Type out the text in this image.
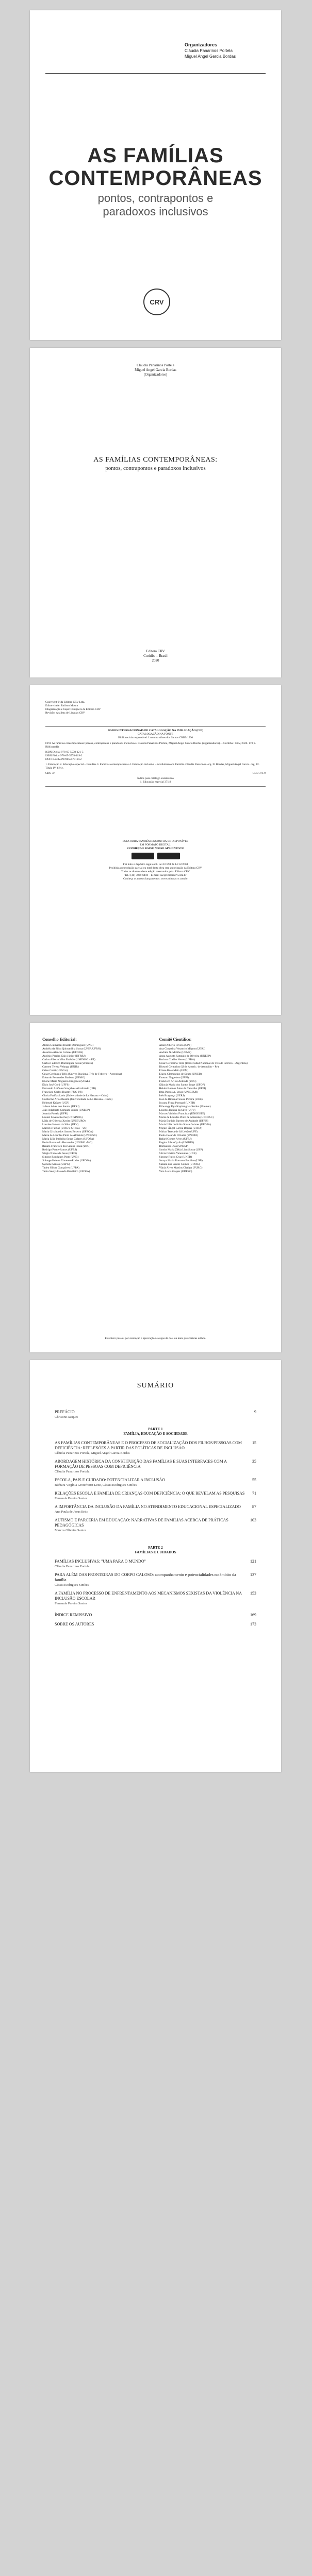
Organizadores
Cláudia Panarinos Portela
Miguel Angel Garcia Bordas
AS FAMÍLIAS
CONTEMPORÂNEAS
pontos, contrapontos e
paradoxos inclusivos
CRV
Cláudia Panarinos Portela
Miguel Angel Garcia Bordas
(Organizadores)
AS FAMÍLIAS CONTEMPORÂNEAS:
pontos, contrapontos e paradoxos inclusivos
Editora CRV
Curitiba – Brasil
2020
Copyright © da Editora CRV Ltda.
Editor-chefe: Railson Moura
Diagramação e Capa: Designers da Editora CRV
Revisão: Analista de Línguas CRV
DADOS INTERNACIONAIS DE CATALOGAÇÃO NA PUBLICAÇÃO (CIP)
CATALOGAÇÃO NA FONTE
Bibliotecária responsável: Luzenira Alves dos Santos CRB9/1506
F191 As famílias contemporâneas: pontos, contrapontos e paradoxos inclusivos / Cláudia Panarinos Portela, Miguel Angel Garcia Bordas (organizadores). – Curitiba : CRV, 2020. 178 p.
Bibliografia
ISBN Digital 978-65-5578-121-5
ISBN Físico 978-65-5578-119-2
DOI 10.24824/978655578119.2
1. Educação 2. Educação especial – Famílias 3. Famílias contemporâneas 4. Educação inclusiva – Acolhimento 5. Família. Cláudia Panarinos. org. II. Bordas, Miguel Angel Garcia. org. III. Título IV. Série.
CDU 37	CDD 371.9
Índice para catálogo sistemático
1. Educação especial 371.9
ESTA OBRA TAMBÉM ENCONTRA-SE DISPONÍVEL
EM FORMATO DIGITAL.
CONHEÇA E BAIXE NOSSO APLICATIVO!
Foi feito o depósito legal conf. Lei 10.994 de 14/12/2004
Proibida a reprodução parcial ou total desta obra sem autorização da Editora CRV
Todos os direitos desta edição reservados pela: Editora CRV
Tel.: (41) 3039-6418 – E-mail: sac@editoracrv.com.br
Conheça os nossos lançamentos: www.editoracrv.com.br
Conselho Editorial:
Aldira Guimarães Duarte Domínguez (UNB)
Andréia da Silva Quintanilha Sousa (UNIR/UFRN)
Anselmo Alencar Colares (UFOPA)
Antônio Pereira Gaio Júnior (UFRRJ)
Carlos Alberto Vilar Estêvão (UMINHO – PT)
Carlos Federico Dominguez Avila (Unieuro)
Carmen Tereza Velanga (UNIR)
Celso Conti (UFSCar)
Cesar Gerónimo Tello (Univer. Nacional Três de Febrero – Argentina)
Eduardo Fernandes Barbosa (UFMG)
Elione Maria Nogueira Diogenes (UFAL)
Élsio José Corá (UFFS)
Fernando Antônio Gonçalves Alcoforado (IPB)
Francisco Carlos Duarte (PUC-PR)
Gloria Fariñas León (Universidade de La Havana – Cuba)
Guillermo Arias Beatón (Universidade de La Havana – Cuba)
Helmuth Krüger (UCP)
Jailson Alves dos Santos (UFRJ)
João Adalberto Campato Junior (UNESP)
Josania Portela (UFPI)
Leonel Severo Rocha (UNISINOS)
Lídia de Oliveira Xavier (UNIEURO)
Lourdes Helena da Silva (UFV)
Marcelo Paixão (UFRJ e UTexas – US)
Maria Cristina dos Santos Bezerra (UFSCar)
Maria de Lourdes Pinto de Almeida (UNOESC)
Maria Lília Imbiriba Sousa Colares (UFOPA)
Paulo Romualdo Hernandes (UNIFAL-MG)
Renato Francisco dos Santos Paula (UFG)
Rodrigo Pratte-Santos (UFES)
Sérgio Nunes de Jesus (IFRO)
Simone Rodrigues Pinto (UNB)
Solange Helena Ximenes-Rocha (UFOPA)
Sydione Santos (UEPG)
Tadeu Oliver Gonçalves (UFPA)
Tania Suely Azevedo Brasileiro (UFOPA)
Comitê Científico:
Altair Alberto Fávero (UPF)
Ana Chrystina Venancio Mignot (UERJ)
Andréia N. Militão (UEMS)
Anna Augusta Sampaio de Oliveira (UNESP)
Barbara Coelho Neves (UFBA)
Cesar Gerónimo Tello (Universidad Nacional de Três de Febrero – Argentina)
Diosnel Centurion (Univ Americ. de Asunción – Py)
Eliane Rose Maio (UEM)
Elizeu Clementino de Souza (UNEB)
Fauston Negreiros (UFPI)
Francisco Ari de Andrade (UFC)
Gláucia Maria dos Santos Jorge (UFOP)
Helder Buenos Aires de Carvalho (UFPI)
Ilma Passos A. Veiga (UNICEUB)
Inês Bragança (UERJ)
José de Ribamar Sousa Pereira (UCB)
Jussara Fraga Portugal (UNEB)
Kilwangy Kya Kapitango-a-Samba (Unemat)
Lourdes Helena da Silva (UFV)
Marcos Vinicius Francisco (UNOESTE)
Maria de Lourdes Pinto de Almeida (UNOESC)
Maria Eurácia Barreto de Andrade (UFRB)
Maria Lília Imbiriba Sousa Colares (UFOPA)
Míguel Ángel Garcia Bordas (UFBA)
Mirian Teresa de Sá Leitão (UFF)
Paulo Cesar de Oliveira (UNIFEI)
Rafael Gomes Alves (UFRJ)
Regina Silva Gyrão (UNIRIO)
Romualdo Dias (UNESP)
Sandra Maria Zákia Lian Sousa (USP)
Silvia Cristina Yannoulas (UNB)
Simone Ruivo Cruz (UNEB)
Soraya Maria Romano Pacífico (USP)
Suzana dos Santos Gomes (UFMG)
Vânia Alves Martins Chaigar (FURG)
Vera Lucia Gaspar (UDESC)
Este livro passou por avaliação e aprovação às cegas de dois ou mais pareceristas ad hoc.
SUMÁRIO
PREFÁCIO	9
Christine Jacquet
PARTE 1
FAMÍLIA, EDUCAÇÃO E SOCIEDADE
AS FAMÍLIAS CONTEMPORÂNEAS E O PROCESSO DE SOCIALIZAÇÃO DOS FILHOS/PESSOAS COM DEFICIÊNCIA: REFLEXÕES A PARTIR DAS POLÍTICAS DE INCLUSÃO
15
Cláudia Panarinos Portela, Miguel Angel Garcia Bordas
ABORDAGEM HISTÓRICA DA CONSTITUIÇÃO DAS FAMÍLIAS E SUAS INTERFACES COM A FORMAÇÃO DE PESSOAS COM DEFICIÊNCIA
35
Cláudia Panarinos Portela
ESCOLA, PAIS E CUIDADO: POTENCIALIZAR A INCLUSÃO	55
Bárbara Virgínia Groterhorst Leite, Cássia Rodrigues Simões
RELAÇÕES ESCOLA E FAMÍLIA DE CRIANÇAS COM DEFICIÊNCIA: O QUE REVELAM AS PESQUISAS	71
Fernanda Pereira Santos
A IMPORTÂNCIA DA INCLUSÃO DA FAMÍLIA NO ATENDIMENTO EDUCACIONAL ESPECIALIZADO	87
Ana Paula de Jesus Brito
AUTISMO E PARCERIA EM EDUCAÇÃO: NARRATIVAS DE FAMÍLIAS ACERCA DE PRÁTICAS PEDAGÓGICAS
103
Marcos Oliveira Santos
PARTE 2
FAMÍLIAS E CUIDADOS
FAMÍLIAS INCLUSIVAS: "UMA PARA O MUNDO"	121
Cláudia Panarinos Portela
PARA ALÉM DAS FRONTEIRAS DO CORPO CALOSO: acompanhamento e potencialidades no âmbito da família
137
Cássia Rodrigues Simões
A FAMÍLIA NO PROCESSO DE ENFRENTAMENTO AOS MECANISMOS SEXISTAS DA VIOLÊNCIA NA INCLUSÃO ESCOLAR
153
Fernanda Pereira Santos
ÍNDICE REMISSIVO	169
SOBRE OS AUTORES	173
